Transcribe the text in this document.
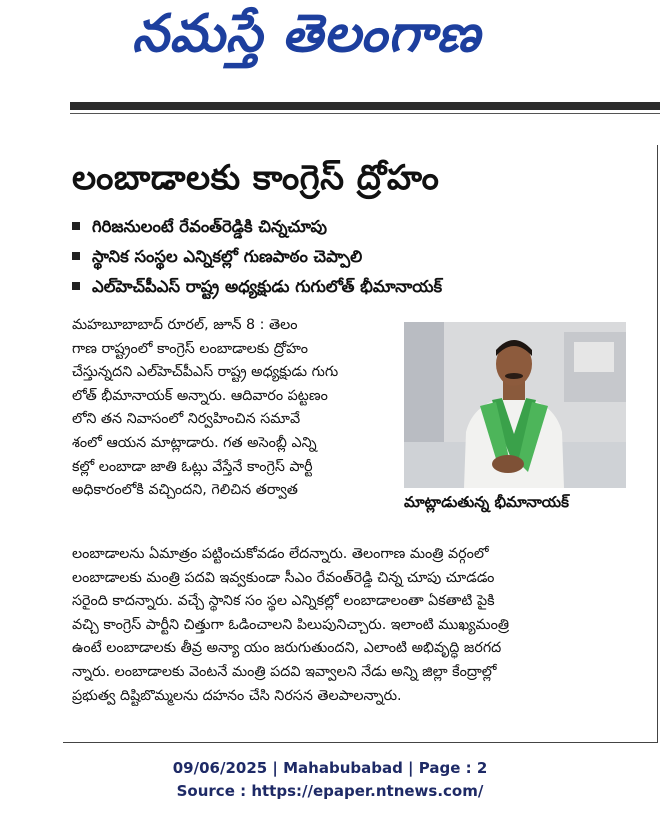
నమస్తే తెలంగాణ
లంబాడాలకు కాంగ్రెస్ ద్రోహం
గిరిజనులంటే రేవంత్‌రెడ్డికి చిన్నచూపు
స్థానిక సంస్థల ఎన్నికల్లో గుణపాఠం చెప్పాలి
ఎల్‌హెచ్‌పీఎస్ రాష్ట్ర అధ్యక్షుడు గుగులోత్ భీమానాయక్

మహబూబాబాద్ రూరల్, జూన్ 8 : తెలం

గాణ రాష్ట్రంలో కాంగ్రెస్ లంబాడాలకు ద్రోహం

చేస్తున్నదని ఎల్‌హెచ్‌పీఎస్ రాష్ట్ర అధ్యక్షుడు గుగు

లోత్ భీమానాయక్ అన్నారు. ఆదివారం పట్టణం

లోని తన నివాసంలో నిర్వహించిన సమావే

శంలో ఆయన మాట్లాడారు. గత అసెంబ్లీ ఎన్ని

కల్లో లంబాడా జాతి ఓట్లు వేస్తేనే కాంగ్రెస్ పార్టీ

అధికారంలోకి వచ్చిందని, గెలిచిన తర్వాత

మాట్లాడుతున్న భీమానాయక్

లంబాడాలను ఏమాత్రం పట్టించుకోవడం లేదన్నారు. తెలంగాణ మంత్రి వర్గంలో

లంబాడాలకు మంత్రి పదవి ఇవ్వకుండా సీఎం రేవంత్‌రెడ్డి చిన్న చూపు చూడడం

సరైంది కాదన్నారు. వచ్చే స్థానిక సం స్థల ఎన్నికల్లో లంబాడాలంతా ఏకతాటి పైకి

వచ్చి కాంగ్రెస్ పార్టీని చిత్తుగా ఓడించాలని పిలుపునిచ్చారు. ఇలాంటి ముఖ్యమంత్రి

ఉంటే లంబాడాలకు తీవ్ర అన్యా యం జరుగుతుందని, ఎలాంటి అభివృద్ధి జరగద

న్నారు. లంబాడాలకు వెంటనే మంత్రి పదవి ఇవ్వాలని నేడు అన్ని జిల్లా కేంద్రాల్లో

ప్రభుత్వ దిష్టిబొమ్మలను దహనం చేసి నిరసన తెలపాలన్నారు.

09/06/2025 | Mahabubabad | Page : 2
Source : https://epaper.ntnews.com/
